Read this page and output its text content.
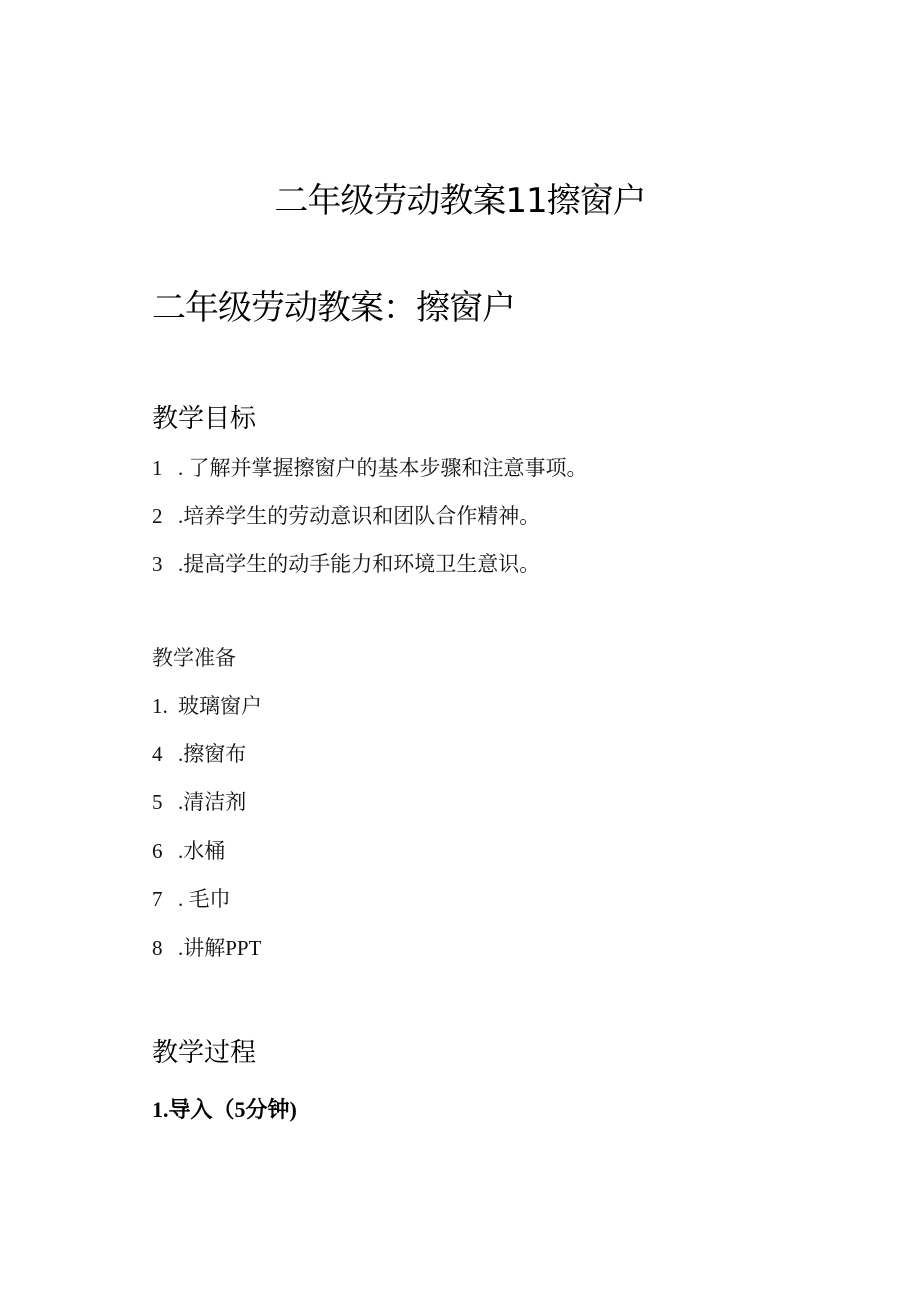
二年级劳动教案11擦窗户
二年级劳动教案：擦窗户
教学目标
1 . 了解并掌握擦窗户的基本步骤和注意事项。
2 .培养学生的劳动意识和团队合作精神。
3 .提高学生的动手能力和环境卫生意识。
教学准备
1. 玻璃窗户
4 .擦窗布
5 .清洁剂
6 .水桶
7 . 毛巾
8 .讲解PPT
教学过程
1.导入（5分钟)
